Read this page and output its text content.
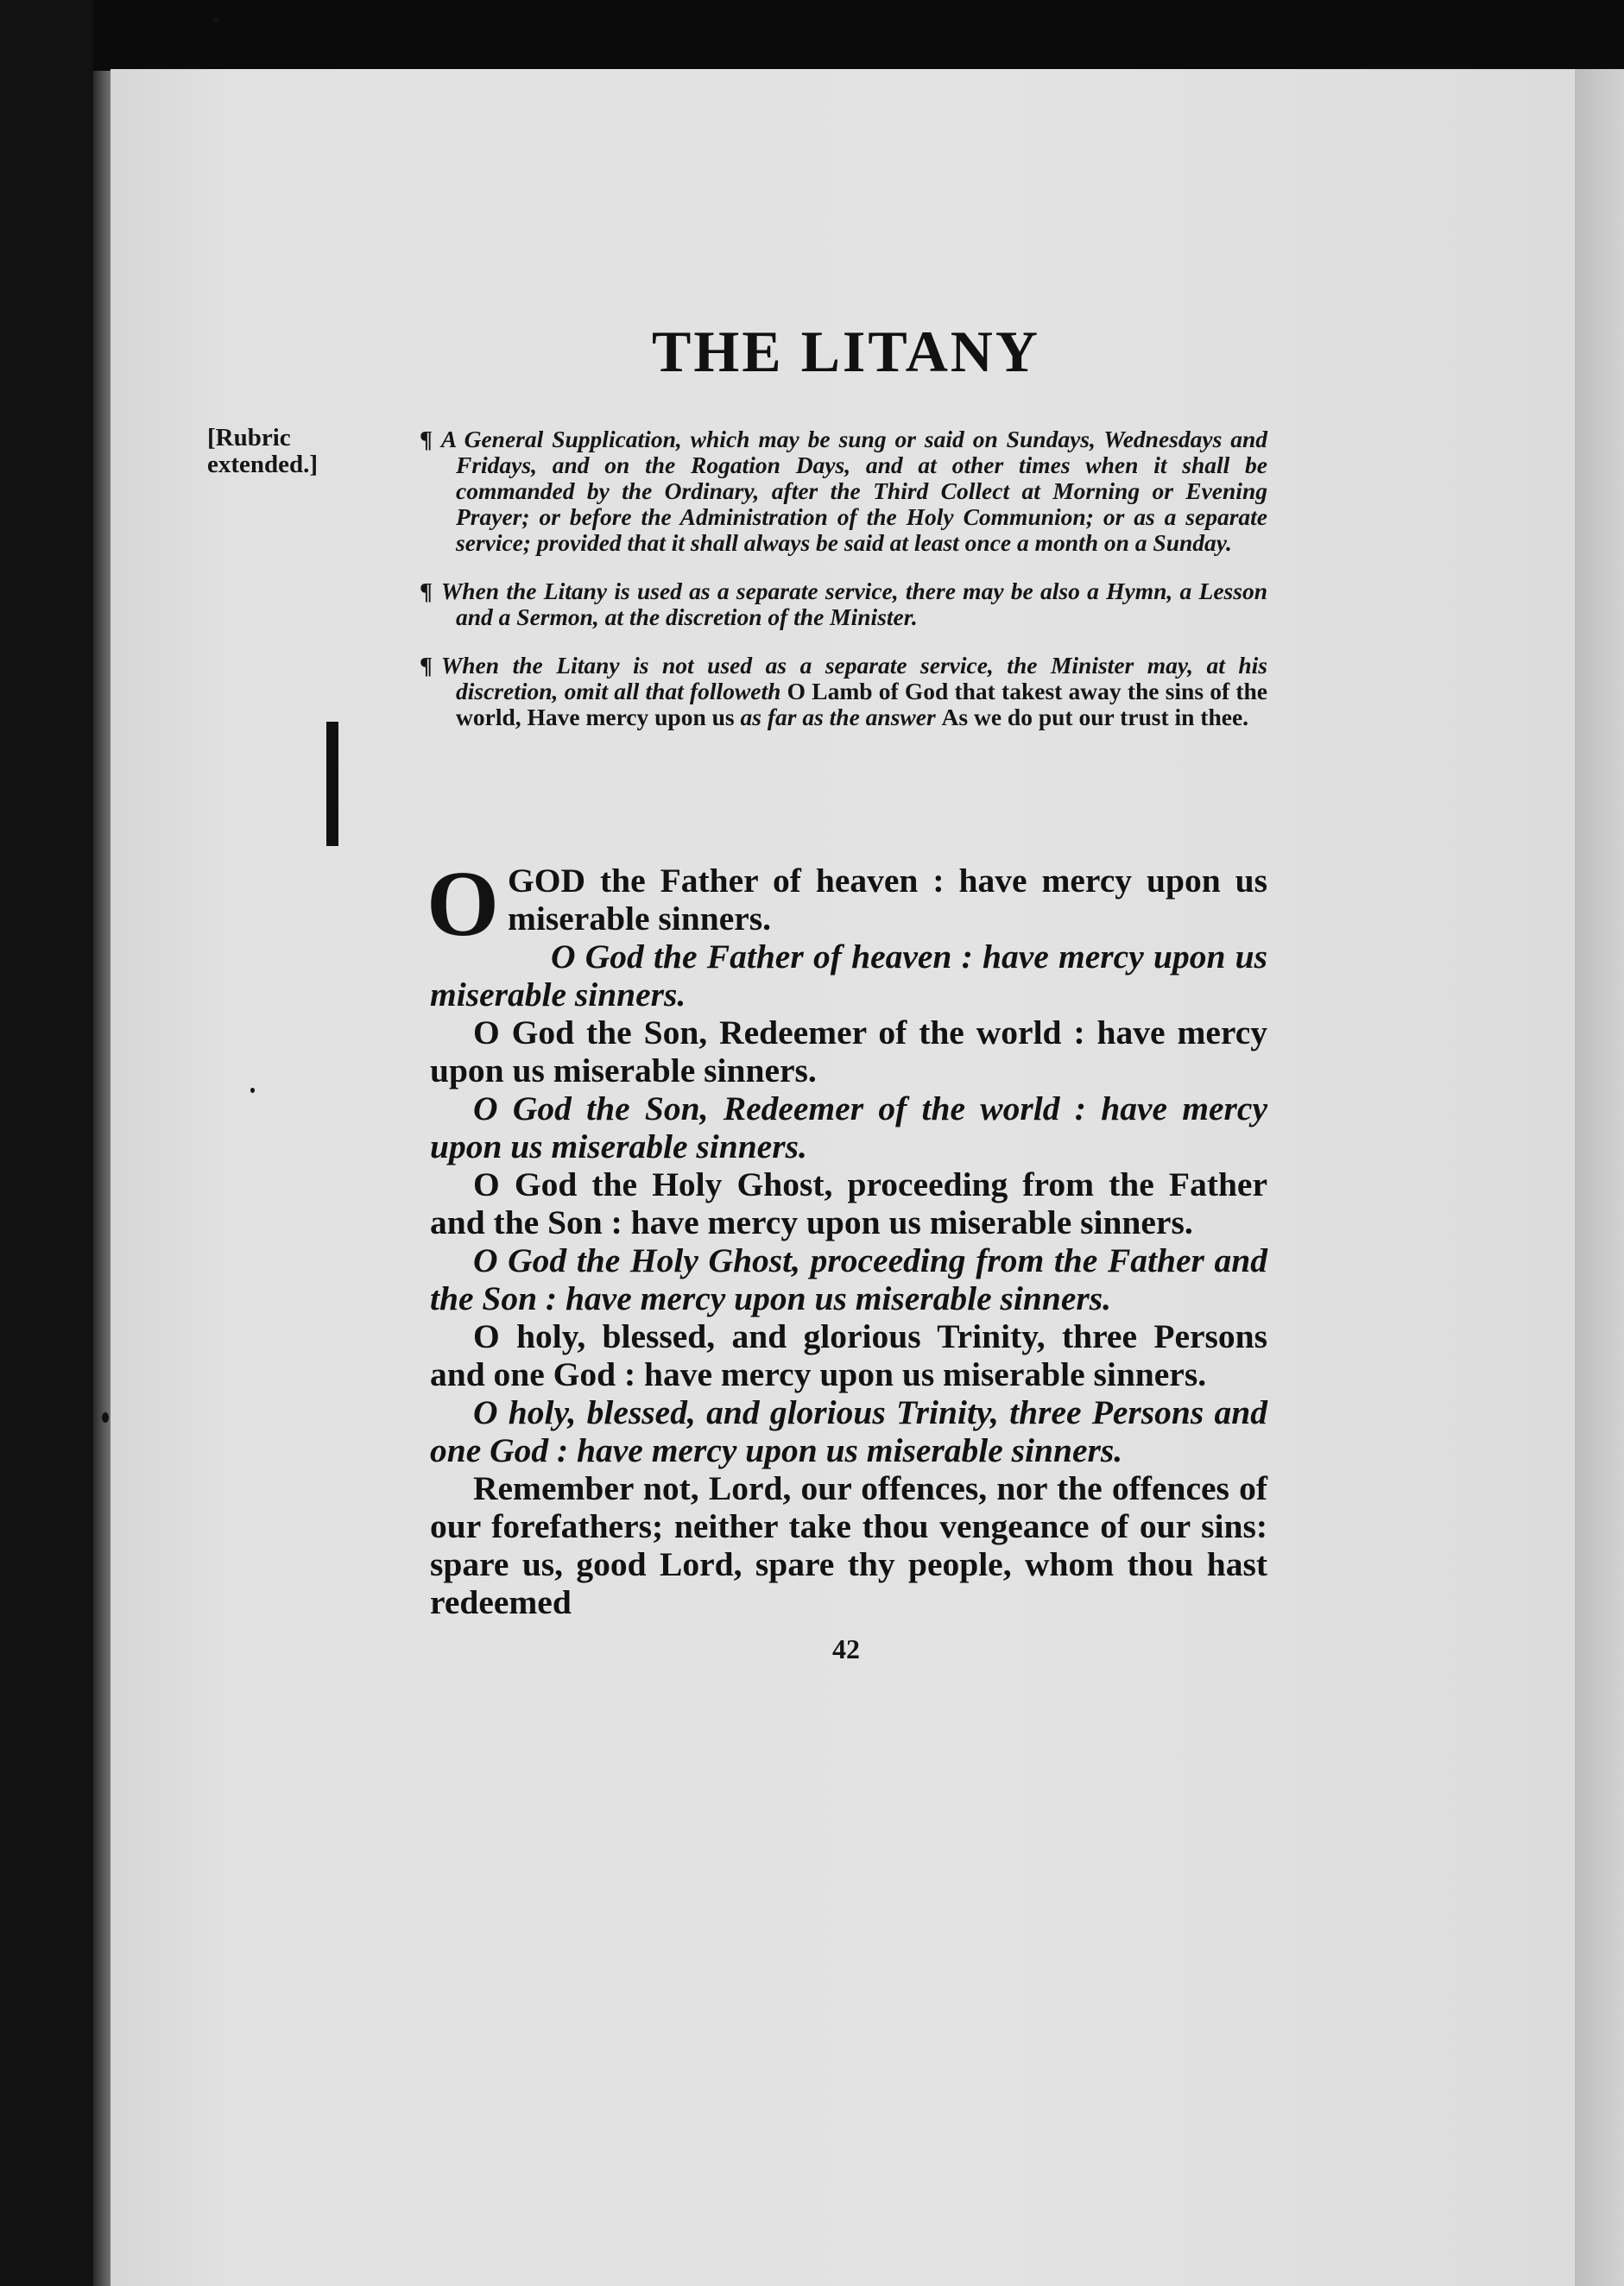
THE LITANY

[Rubric extended.]

¶ A General Supplication, which may be sung or said on Sundays, Wednesdays and Fridays, and on the Rogation Days, and at other times when it shall be commanded by the Ordinary, after the Third Collect at Morning or Evening Prayer; or before the Administration of the Holy Communion; or as a separate service; provided that it shall always be said at least once a month on a Sunday.

¶ When the Litany is used as a separate service, there may be also a Hymn, a Lesson and a Sermon, at the discretion of the Minister.

¶ When the Litany is not used as a separate service, the Minister may, at his discretion, omit all that followeth O Lamb of God that takest away the sins of the world, Have mercy upon us as far as the answer As we do put our trust in thee.

OGOD the Father of heaven : have mercy upon us miserable sinners.

O God the Father of heaven : have mercy upon us miserable sinners.

O God the Son, Redeemer of the world : have mercy upon us miserable sinners.

O God the Son, Redeemer of the world : have mercy upon us miserable sinners.

O God the Holy Ghost, proceeding from the Father and the Son : have mercy upon us miserable sinners.

O God the Holy Ghost, proceeding from the Father and the Son : have mercy upon us miserable sinners.

O holy, blessed, and glorious Trinity, three Persons and one God : have mercy upon us miserable sinners.

O holy, blessed, and glorious Trinity, three Persons and one God : have mercy upon us miserable sinners.

Remember not, Lord, our offences, nor the offences of our forefathers; neither take thou vengeance of our sins: spare us, good Lord, spare thy people, whom thou hast redeemed

42
